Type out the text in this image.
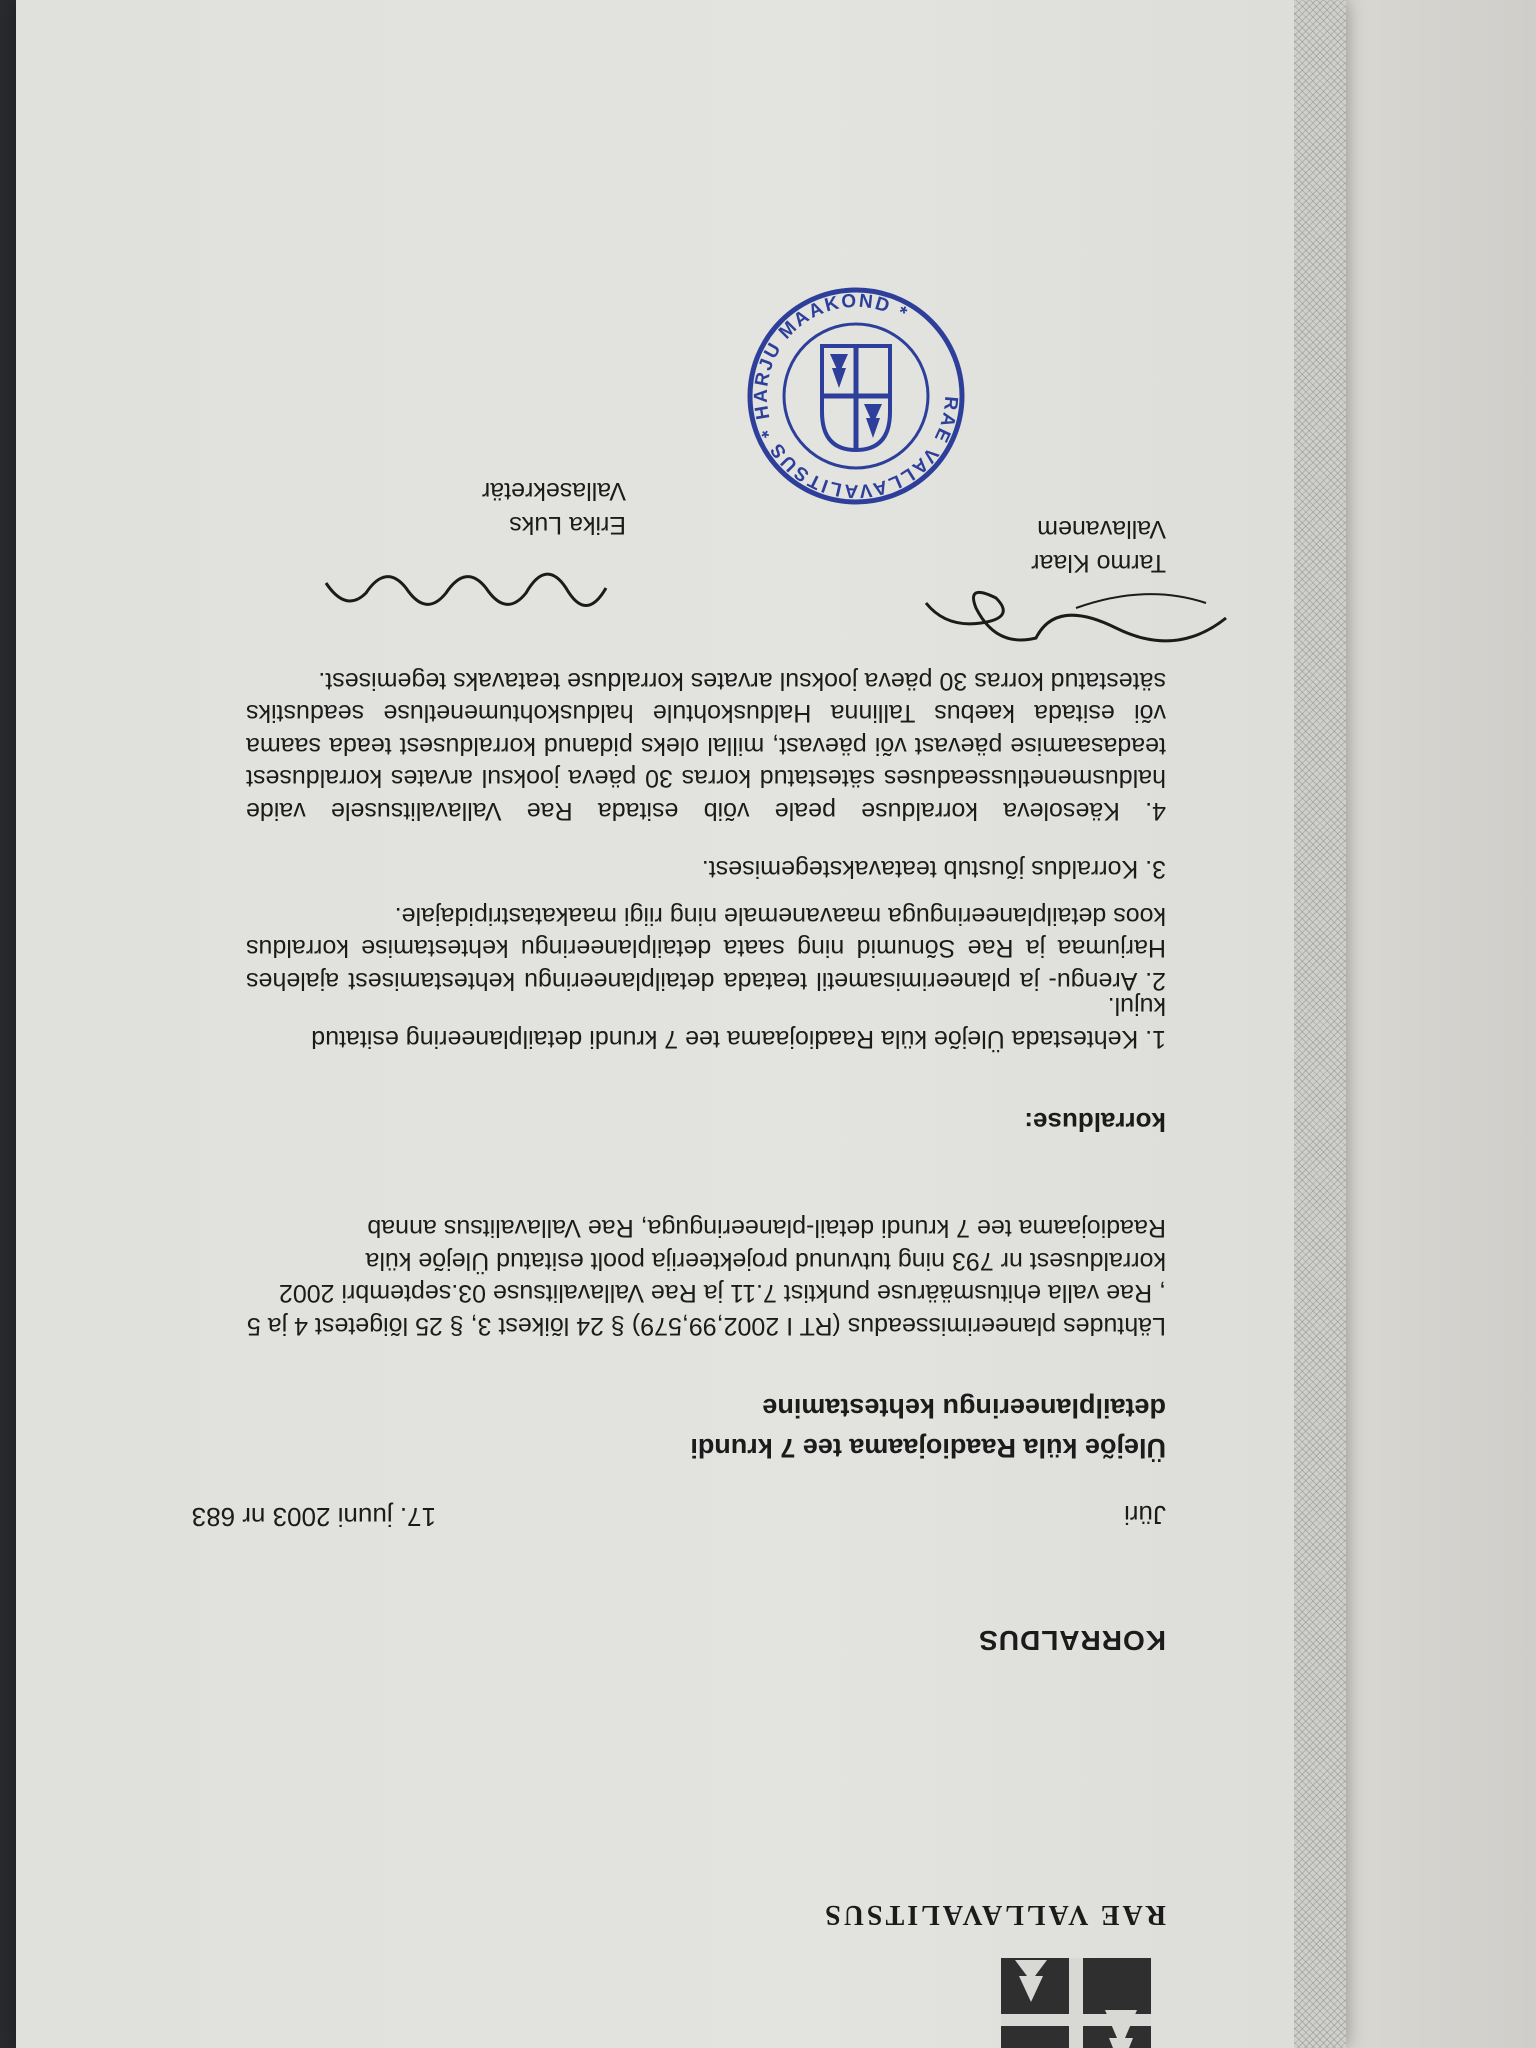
RAE VALLAVALITSUS
KORRALDUS
Jüri
17. juuni 2003 nr 683
Ülejõe küla Raadiojaama tee 7 krundi detailplaneeringu kehtestamine
Lähtudes planeerimisseadus (RT I 2002,99,579) § 24 lõikest 3, § 25 lõigetest 4 ja 5 , Rae valla ehitusmäärusе punktist 7.11 ja Rae Vallavalitsuse 03.septembri 2002 korraldusest nr 793 ning tutvunud projekteerija poolt esitatud Ülejõe küla Raadiojaama tee 7 krundi detail-planeeringuga, Rae Vallavalitsus annab
korralduse:
1. Kehtestada Ülejõe küla Raadiojaama tee 7 krundi detailplaneering esitatud kujul.
2. Arengu- ja planeerimisametil teatada detailplaneeringu kehtestamisest ajalehes Harjumaa ja Rae Sõnumid ning saata detailplaneeringu kehtestamise korraldus koos detailplaneeringuga maavanemale ning riigi maakatastripidajale.
3. Korraldus jõustub teatavakstegemisest.
4. Käesoleva korralduse peale võib esitada Rae Vallavalitsusele vaide haldusmenetlusseaduses sätestatud korras 30 päeva jooksul arvates korraldusest teadasaamise päevast või päevast, millal oleks pidanud korraldusest teada saama või esitada kaebus Tallinna Halduskohtule halduskohtumenetluse seadustiks sätestatud korras 30 päeva jooksul arvates korralduse teatavaks tegemisest.
Tarmo Klaar
Vallavanem
Erika Luks
Vallasekretär
RAE VALLAVALITSUS * HARJU MAAKOND *
